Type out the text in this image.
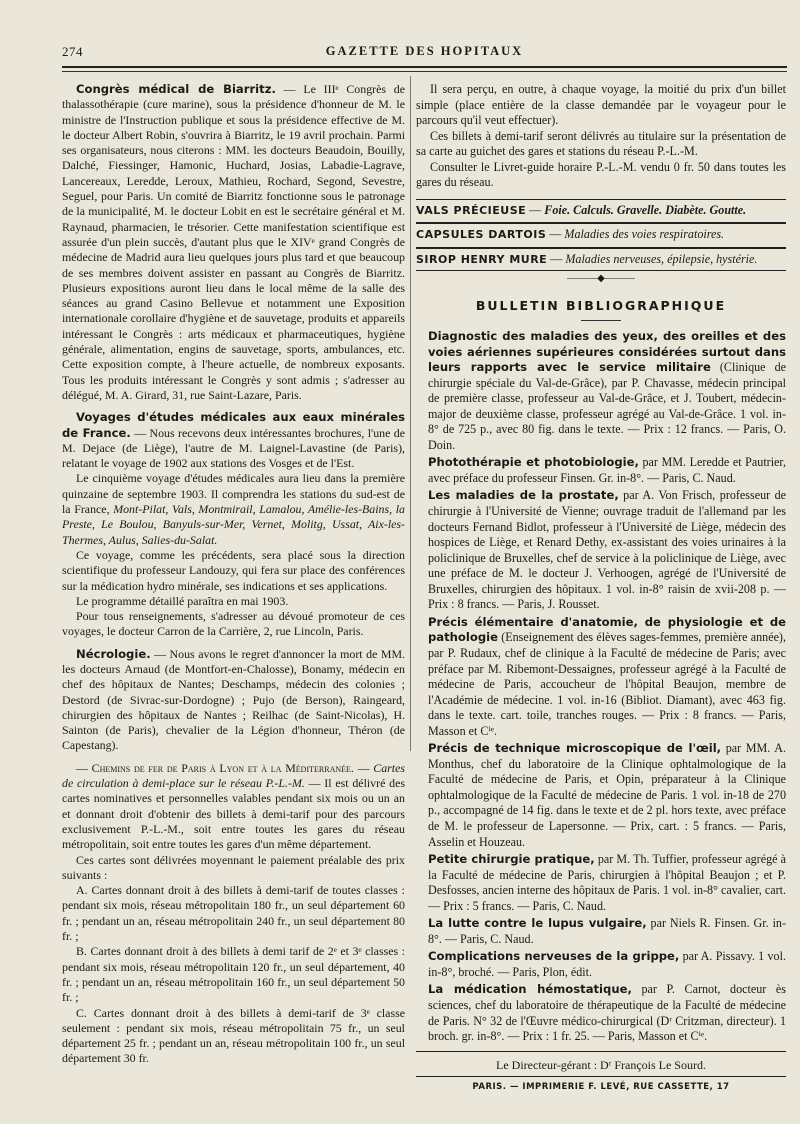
274	GAZETTE DES HOPITAUX

Congrès médical de Biarritz. — Le IIIᵉ Congrès de thalassothérapie (cure marine), sous la présidence d'honneur de M. le ministre de l'Instruction publique et sous la présidence effective de M. le docteur Albert Robin, s'ouvrira à Biarritz, le 19 avril prochain. Parmi ses organisateurs, nous citerons : MM. les docteurs Beaudoin, Bouilly, Dalché, Fiessinger, Hamonic, Huchard, Josias, Labadie-Lagrave, Lancereaux, Leredde, Leroux, Mathieu, Rochard, Segond, Sevestre, Seguel, pour Paris. Un comité de Biarritz fonctionne sous le patronage de la municipalité, M. le docteur Lobit en est le secrétaire général et M. Raynaud, pharmacien, le trésorier. Cette manifestation scientifique est assurée d'un plein succès, d'autant plus que le XIVᵉ grand Congrès de médecine de Madrid aura lieu quelques jours plus tard et que beaucoup de ses membres doivent assister en passant au Congrès de Biarritz. Plusieurs expositions auront lieu dans le local même de la salle des séances au grand Casino Bellevue et notamment une Exposition internationale corollaire d'hygiène et de sauvetage, produits et appareils intéressant le Congrès : arts médicaux et pharmaceutiques, hygiène générale, alimentation, engins de sauvetage, sports, ambulances, etc. Cette exposition compte, à l'heure actuelle, de nombreux exposants. Tous les produits intéressant le Congrès y sont admis ; s'adresser au délégué, M. A. Girard, 31, rue Saint-Lazare, Paris.

Voyages d'études médicales aux eaux minérales de France. — Nous recevons deux intéressantes brochures, l'une de M. Dejace (de Liège), l'autre de M. Laignel-Lavastine (de Paris), relatant le voyage de 1902 aux stations des Vosges et de l'Est.

Le cinquième voyage d'études médicales aura lieu dans la première quinzaine de septembre 1903. Il comprendra les stations du sud-est de la France, Mont-Pilat, Vals, Montmirail, Lamalou, Amélie-les-Bains, la Preste, Le Boulou, Banyuls-sur-Mer, Vernet, Molitg, Ussat, Aix-les-Thermes, Aulus, Salies-du-Salat.

Ce voyage, comme les précédents, sera placé sous la direction scientifique du professeur Landouzy, qui fera sur place des conférences sur la médication hydro minérale, ses indications et ses applications.

Le programme détaillé paraîtra en mai 1903.

Pour tous renseignements, s'adresser au dévoué promoteur de ces voyages, le docteur Carron de la Carrière, 2, rue Lincoln, Paris.

Nécrologie. — Nous avons le regret d'annoncer la mort de MM. les docteurs Arnaud (de Montfort-en-Chalosse), Bonamy, médecin en chef des hôpitaux de Nantes; Deschamps, médecin des colonies ; Destord (de Sivrac-sur-Dordogne) ; Pujo (de Berson), Raingeard, chirurgien des hôpitaux de Nantes ; Reilhac (de Saint-Nicolas), H. Sainton (de Paris), chevalier de la Légion d'honneur, Théron (de Capestang).

— Chemins de fer de Paris à Lyon et à la Méditerranée. — Cartes de circulation à demi-place sur le réseau P.-L.-M. — Il est délivré des cartes nominatives et personnelles valables pendant six mois ou un an et donnant droit d'obtenir des billets à demi-tarif pour des parcours exclusivement P.-L.-M., soit entre toutes les gares du réseau métropolitain, soit entre toutes les gares d'un même département.

Ces cartes sont délivrées moyennant le paiement préalable des prix suivants :

A. Cartes donnant droit à des billets à demi-tarif de toutes classes : pendant six mois, réseau métropolitain 180 fr., un seul département 60 fr. ; pendant un an, réseau métropolitain 240 fr., un seul département 80 fr. ;

B. Cartes donnant droit à des billets à demi tarif de 2ᵉ et 3ᵉ classes : pendant six mois, réseau métropolitain 120 fr., un seul département, 40 fr. ; pendant un an, réseau métropolitain 160 fr., un seul département 50 fr. ;

C. Cartes donnant droit à des billets à demi-tarif de 3ᵉ classe seulement : pendant six mois, réseau métropolitain 75 fr., un seul département 25 fr. ; pendant un an, réseau métropolitain 100 fr., un seul département 30 fr.

Il sera perçu, en outre, à chaque voyage, la moitié du prix d'un billet simple (place entière de la classe demandée par le voyageur pour le parcours qu'il veut effectuer).

Ces billets à demi-tarif seront délivrés au titulaire sur la présentation de sa carte au guichet des gares et stations du réseau P.-L.-M.

Consulter le Livret-guide horaire P.-L.-M. vendu 0 fr. 50 dans toutes les gares du réseau.

VALS PRÉCIEUSE — Foie. Calculs. Gravelle. Diabète. Goutte.
CAPSULES DARTOIS — Maladies des voies respiratoires.
SIROP HENRY MURE — Maladies nerveuses, épilepsie, hystérie.
———◆———
BULLETIN BIBLIOGRAPHIQUE

Diagnostic des maladies des yeux, des oreilles et des voies aériennes supérieures considérées surtout dans leurs rapports avec le service militaire (Clinique de chirurgie spéciale du Val-de-Grâce), par P. Chavasse, médecin principal de première classe, professeur au Val-de-Grâce, et J. Toubert, médecin-major de deuxième classe, professeur agrégé au Val-de-Grâce. 1 vol. in-8° de 725 p., avec 80 fig. dans le texte. — Prix : 12 francs. — Paris, O. Doin.

Photothérapie et photobiologie, par MM. Leredde et Pautrier, avec préface du professeur Finsen. Gr. in-8°. — Paris, C. Naud.

Les maladies de la prostate, par A. Von Frisch, professeur de chirurgie à l'Université de Vienne; ouvrage traduit de l'allemand par les docteurs Fernand Bidlot, professeur à l'Université de Liège, médecin des hospices de Liège, et Renard Dethy, ex-assistant des voies urinaires à la policlinique de Bruxelles, chef de service à la policlinique de Liège, avec une préface de M. le docteur J. Verhoogen, agrégé de l'Université de Bruxelles, chirurgien des hôpitaux. 1 vol. in-8° raisin de xvii-208 p. — Prix : 8 francs. — Paris, J. Rousset.

Précis élémentaire d'anatomie, de physiologie et de pathologie (Enseignement des élèves sages-femmes, première année), par P. Rudaux, chef de clinique à la Faculté de médecine de Paris; avec préface par M. Ribemont-Dessaignes, professeur agrégé à la Faculté de médecine de Paris, accoucheur de l'hôpital Beaujon, membre de l'Académie de médecine. 1 vol. in-16 (Bibliot. Diamant), avec 463 fig. dans le texte. cart. toile, tranches rouges. — Prix : 8 francs. — Paris, Masson et Cⁱᵉ.

Précis de technique microscopique de l'œil, par MM. A. Monthus, chef du laboratoire de la Clinique ophtalmologique de la Faculté de médecine de Paris, et Opin, préparateur à la Clinique ophtalmologique de la Faculté de médecine de Paris. 1 vol. in-18 de 270 p., accompagné de 14 fig. dans le texte et de 2 pl. hors texte, avec préface de M. le professeur de Lapersonne. — Prix, cart. : 5 francs. — Paris, Asselin et Houzeau.

Petite chirurgie pratique, par M. Th. Tuffier, professeur agrégé à la Faculté de médecine de Paris, chirurgien à l'hôpital Beaujon ; et P. Desfosses, ancien interne des hôpitaux de Paris. 1 vol. in-8° cavalier, cart. — Prix : 5 francs. — Paris, C. Naud.

La lutte contre le lupus vulgaire, par Niels R. Finsen. Gr. in-8°. — Paris, C. Naud.

Complications nerveuses de la grippe, par A. Pissavy. 1 vol. in-8°, broché. — Paris, Plon, édit.

La médication hémostatique, par P. Carnot, docteur ès sciences, chef du laboratoire de thérapeutique de la Faculté de médecine de Paris. N° 32 de l'Œuvre médico-chirurgical (Dʳ Critzman, directeur). 1 broch. gr. in-8°. — Prix : 1 fr. 25. — Paris, Masson et Cⁱᵉ.

Le Directeur-gérant : Dʳ François Le Sourd.
PARIS. — IMPRIMERIE F. LEVÉ, RUE CASSETTE, 17
